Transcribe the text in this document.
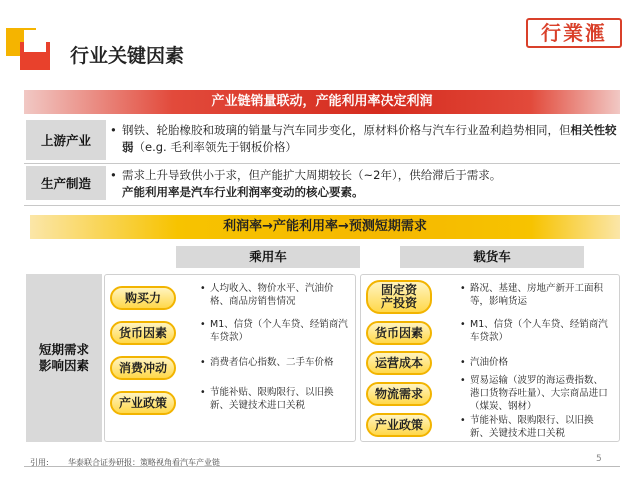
行业关键因素
行業滙
产业链销量联动，产能利用率决定利润
上游产业
• 钢铁、轮胎橡胶和玻璃的销量与汽车同步变化，原材料价格与汽车行业盈利趋势相同，但相关性较弱（e.g. 毛利率领先于钢板价格）
生产制造
• 需求上升导致供小于求，但产能扩大周期较长（~2年），供给滞后于需求。
产能利用率是汽车行业利润率变动的核心要素。
利润率→产能利用率→预测短期需求
乘用车	载货车
短期需求
影响因素
购买力
• 人均收入、物价水平、汽油价格、商品房销售情况
货币因素
• M1、信贷（个人车贷、经销商汽车贷款）
消费冲动	• 消费者信心指数、二手车价格
产业政策
• 节能补贴、限购限行、以旧换新、关键技术进口关税
固定资
产投资
• 路况、基建、房地产新开工面积等，影响货运
货币因素
• M1、信贷（个人车贷、经销商汽车贷款）
运营成本	• 汽油价格
物流需求
• 贸易运输（波罗的海运费指数、港口货物吞吐量）、大宗商品进口（煤炭、钢材）
产业政策	• 节能补贴、限购限行、以旧换新、关键技术进口关税
引用: 华泰联合证券研报：策略视角看汽车产业链	5
